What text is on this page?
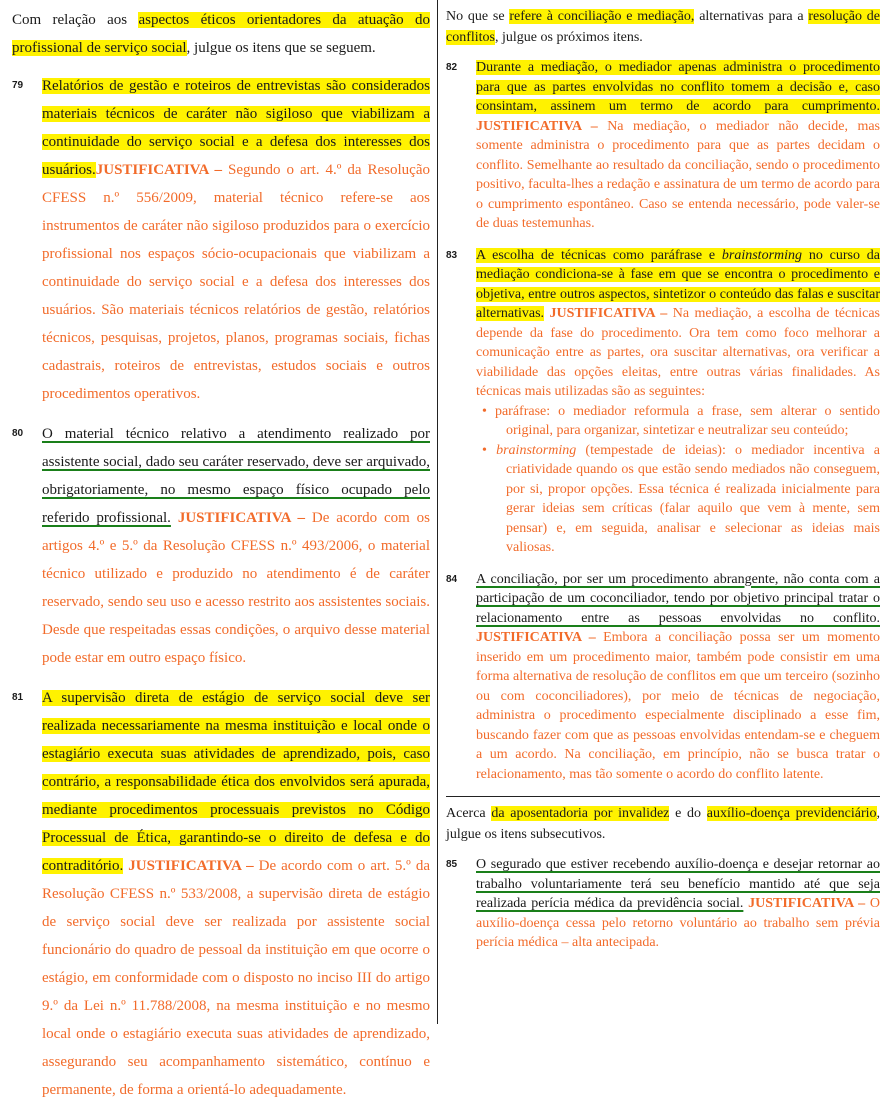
Com relação aos aspectos éticos orientadores da atuação do profissional de serviço social, julgue os itens que se seguem.

79	Relatórios de gestão e roteiros de entrevistas são considerados materiais técnicos de caráter não sigiloso que viabilizam a continuidade do serviço social e a defesa dos interesses dos usuários.JUSTIFICATIVA – Segundo o art. 4.º da Resolução CFESS n.º 556/2009, material técnico refere-se aos instrumentos de caráter não sigiloso produzidos para o exercício profissional nos espaços sócio-ocupacionais que viabilizam a continuidade do serviço social e a defesa dos interesses dos usuários. São materiais técnicos relatórios de gestão, relatórios técnicos, pesquisas, projetos, planos, programas sociais, fichas cadastrais, roteiros de entrevistas, estudos sociais e outros procedimentos operativos.
80	O material técnico relativo a atendimento realizado por assistente social, dado seu caráter reservado, deve ser arquivado, obrigatoriamente, no mesmo espaço físico ocupado pelo referido profissional. JUSTIFICATIVA – De acordo com os artigos 4.º e 5.º da Resolução CFESS n.º 493/2006, o material técnico utilizado e produzido no atendimento é de caráter reservado, sendo seu uso e acesso restrito aos assistentes sociais. Desde que respeitadas essas condições, o arquivo desse material pode estar em outro espaço físico.
81	A supervisão direta de estágio de serviço social deve ser realizada necessariamente na mesma instituição e local onde o estagiário executa suas atividades de aprendizado, pois, caso contrário, a responsabilidade ética dos envolvidos será apurada, mediante procedimentos processuais previstos no Código Processual de Ética, garantindo-se o direito de defesa e do contraditório. JUSTIFICATIVA – De acordo com o art. 5.º da Resolução CFESS n.º 533/2008, a supervisão direta de estágio de serviço social deve ser realizada por assistente social funcionário do quadro de pessoal da instituição em que ocorre o estágio, em conformidade com o disposto no inciso III do artigo 9.º da Lei n.º 11.788/2008, na mesma instituição e no mesmo local onde o estagiário executa suas atividades de aprendizado, assegurando seu acompanhamento sistemático, contínuo e permanente, de forma a orientá-lo adequadamente.

No que se refere à conciliação e mediação, alternativas para a resolução de conflitos, julgue os próximos itens.

82	Durante a mediação, o mediador apenas administra o procedimento para que as partes envolvidas no conflito tomem a decisão e, caso consintam, assinem um termo de acordo para cumprimento. JUSTIFICATIVA – Na mediação, o mediador não decide, mas somente administra o procedimento para que as partes decidam o conflito. Semelhante ao resultado da conciliação, sendo o procedimento positivo, faculta-lhes a redação e assinatura de um termo de acordo para o cumprimento espontâneo. Caso se entenda necessário, pode valer-se de duas testemunhas.
83	A escolha de técnicas como paráfrase e brainstorming no curso da mediação condiciona-se à fase em que se encontra o procedimento e objetiva, entre outros aspectos, sintetizor o conteúdo das falas e suscitar alternativas. JUSTIFICATIVA – Na mediação, a escolha de técnicas depende da fase do procedimento. Ora tem como foco melhorar a comunicação entre as partes, ora suscitar alternativas, ora verificar a viabilidade das opções eleitas, entre outras várias finalidades. As técnicas mais utilizadas são as seguintes:
• paráfrase: o mediador reformula a frase, sem alterar o sentido original, para organizar, sintetizar e neutralizar seu conteúdo;
• brainstorming (tempestade de ideias): o mediador incentiva a criatividade quando os que estão sendo mediados não conseguem, por si, propor opções. Essa técnica é realizada inicialmente para gerar ideias sem críticas (falar aquilo que vem à mente, sem pensar) e, em seguida, analisar e selecionar as ideias mais valiosas.
84	A conciliação, por ser um procedimento abrangente, não conta com a participação de um coconciliador, tendo por objetivo principal tratar o relacionamento entre as pessoas envolvidas no conflito. JUSTIFICATIVA – Embora a conciliação possa ser um momento inserido em um procedimento maior, também pode consistir em uma forma alternativa de resolução de conflitos em que um terceiro (sozinho ou com coconciliadores), por meio de técnicas de negociação, administra o procedimento especialmente disciplinado a esse fim, buscando fazer com que as pessoas envolvidas entendam-se e cheguem a um acordo. Na conciliação, em princípio, não se busca tratar o relacionamento, mas tão somente o acordo do conflito latente.

Acerca da aposentadoria por invalidez e do auxílio-doença previdenciário, julgue os itens subsecutivos.

85	O segurado que estiver recebendo auxílio-doença e desejar retornar ao trabalho voluntariamente terá seu benefício mantido até que seja realizada perícia médica da previdência social. JUSTIFICATIVA – O auxílio-doença cessa pelo retorno voluntário ao trabalho sem prévia perícia médica – alta antecipada.
